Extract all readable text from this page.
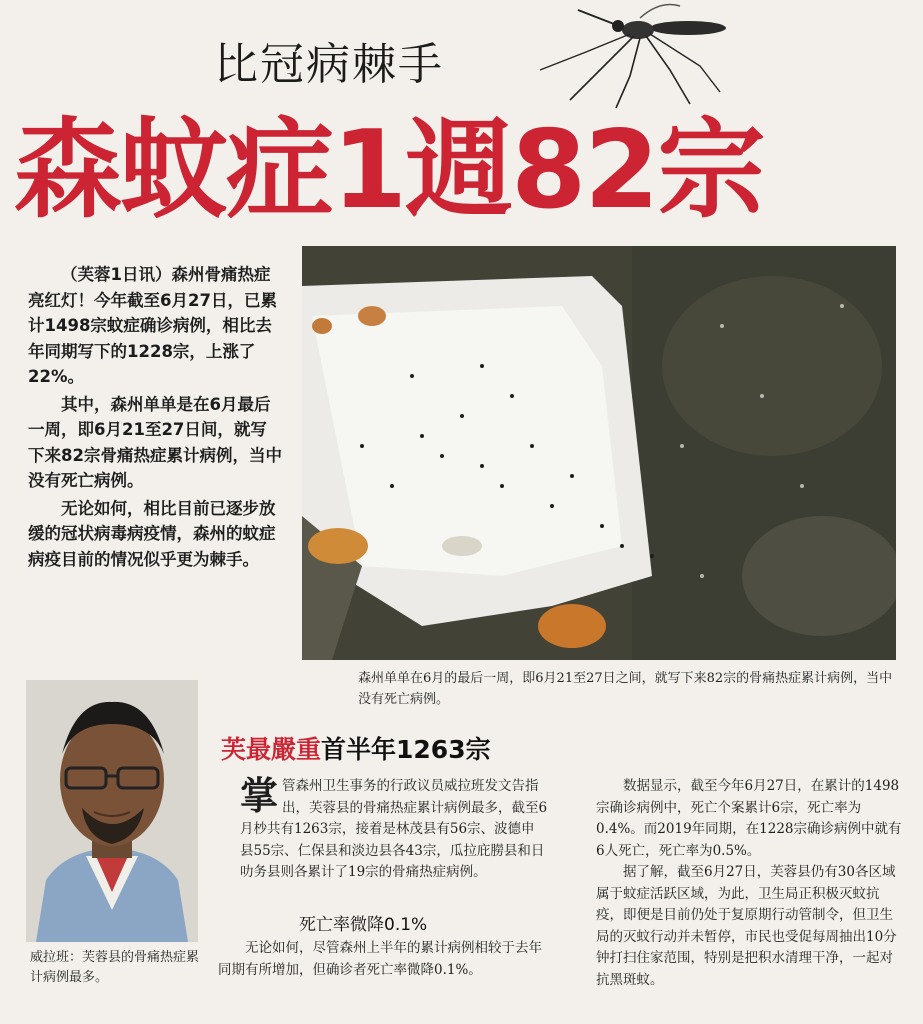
比冠病棘手
森蚊症1週82宗

（芙蓉1日讯）森州骨痛热症亮红灯！今年截至6月27日，已累计1498宗蚊症确诊病例，相比去年同期写下的1228宗，上涨了22%。

其中，森州单单是在6月最后一周，即6月21至27日间，就写下来82宗骨痛热症累计病例，当中没有死亡病例。

无论如何，相比目前已逐步放缓的冠状病毒病疫情，森州的蚊症病疫目前的情况似乎更为棘手。

森州单单在6月的最后一周，即6月21至27日之间，就写下来82宗的骨痛热症累计病例，当中没有死亡病例。
威拉班：芙蓉县的骨痛热症累计病例最多。
芙最嚴重首半年1263宗

掌管森州卫生事务的行政议员威拉班发文告指出，芙蓉县的骨痛热症累计病例最多，截至6月杪共有1263宗，接着是林茂县有56宗、波德申县55宗、仁保县和淡边县各43宗，瓜拉庇朥县和日叻务县则各累计了19宗的骨痛热症病例。

死亡率微降0.1%

无论如何，尽管森州上半年的累计病例相较于去年同期有所增加，但确诊者死亡率微降0.1%。

数据显示，截至今年6月27日，在累计的1498宗确诊病例中，死亡个案累计6宗，死亡率为0.4%。而2019年同期，在1228宗确诊病例中就有6人死亡，死亡率为0.5%。

据了解，截至6月27日，芙蓉县仍有30各区域属于蚊症活跃区域，为此，卫生局正积极灭蚊抗疫，即便是目前仍处于复原期行动管制令，但卫生局的灭蚊行动并未暂停，市民也受促每周抽出10分钟打扫住家范围，特别是把积水清理干净，一起对抗黑斑蚊。
